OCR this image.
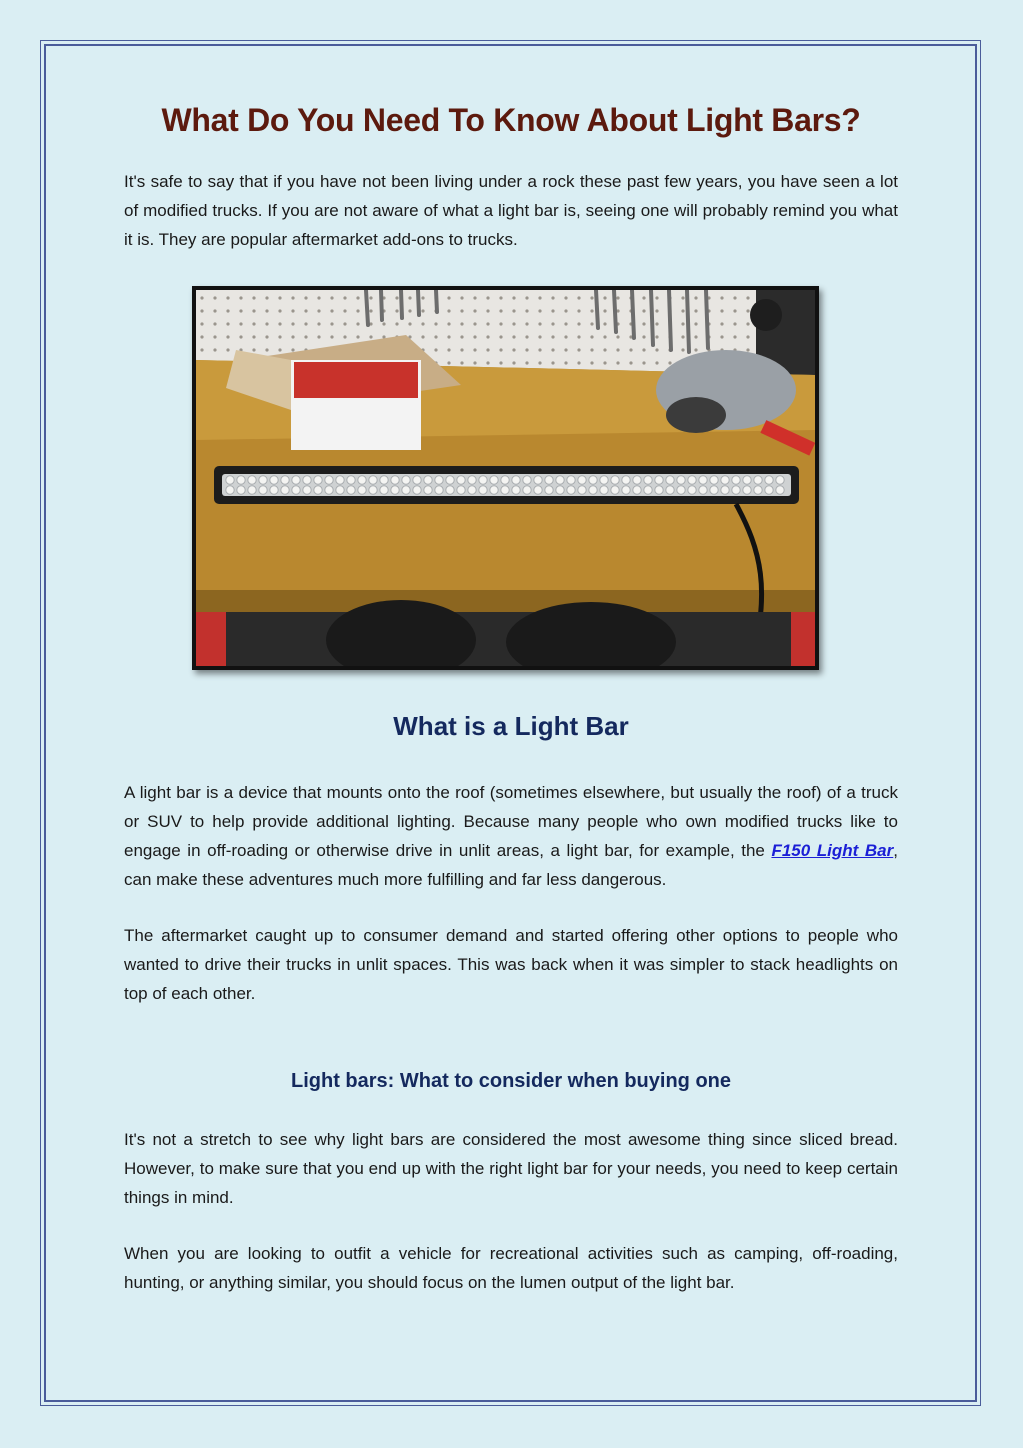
What Do You Need To Know About Light Bars?

It's safe to say that if you have not been living under a rock these past few years, you have seen a lot of modified trucks. If you are not aware of what a light bar is, seeing one will probably remind you what it is. They are popular aftermarket add-ons to trucks.

What is a Light Bar

A light bar is a device that mounts onto the roof (sometimes elsewhere, but usually the roof) of a truck or SUV to help provide additional lighting. Because many people who own modified trucks like to engage in off-roading or otherwise drive in unlit areas, a light bar, for example, the F150 Light Bar, can make these adventures much more fulfilling and far less dangerous.

The aftermarket caught up to consumer demand and started offering other options to people who wanted to drive their trucks in unlit spaces. This was back when it was simpler to stack headlights on top of each other.

Light bars: What to consider when buying one

It's not a stretch to see why light bars are considered the most awesome thing since sliced bread. However, to make sure that you end up with the right light bar for your needs, you need to keep certain things in mind.

When you are looking to outfit a vehicle for recreational activities such as camping, off-roading, hunting, or anything similar, you should focus on the lumen output of the light bar.
